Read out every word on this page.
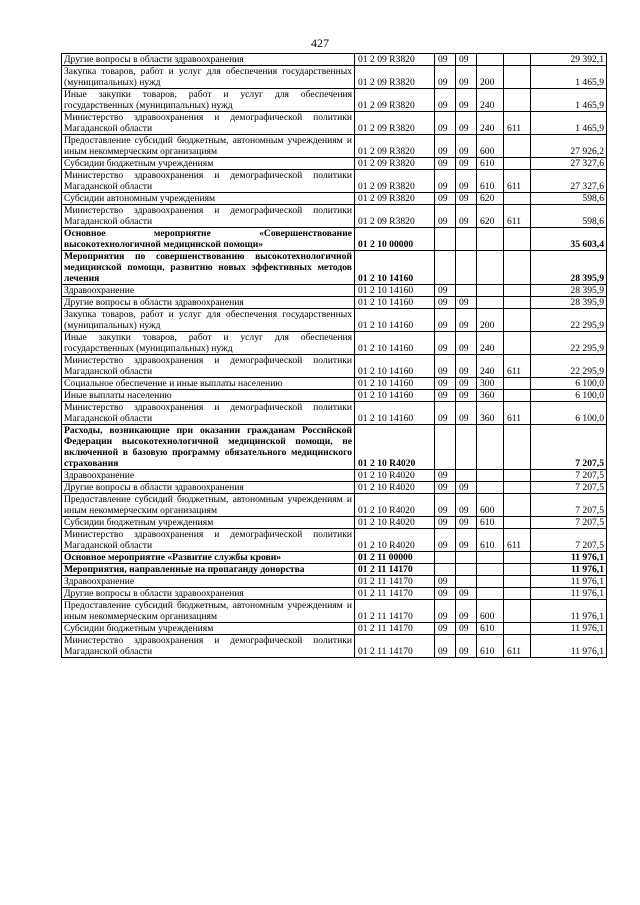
427
Другие вопросы в области здравоохранения	01 2 09 R3820	09	09			29 392,1
Закупка товаров, работ и услуг для обеспечения государственных (муниципальных) нужд	01 2 09 R3820	09	09	200		1 465,9
Иные закупки товаров, работ и услуг для обеспечения государственных (муниципальных) нужд	01 2 09 R3820	09	09	240		1 465,9
Министерство здравоохранения и демографической политики Магаданской области	01 2 09 R3820	09	09	240	611	1 465,9
Предоставление субсидий бюджетным, автономным учреждениям и иным некоммерческим организациям	01 2 09 R3820	09	09	600		27 926,2
Субсидии бюджетным учреждениям	01 2 09 R3820	09	09	610		27 327,6
Министерство здравоохранения и демографической политики Магаданской области	01 2 09 R3820	09	09	610	611	27 327,6
Субсидии автономным учреждениям	01 2 09 R3820	09	09	620		598,6
Министерство здравоохранения и демографической политики Магаданской области	01 2 09 R3820	09	09	620	611	598,6
Основное мероприятие «Совершенствование высокотехнологичной медицинской помощи»	01 2 10 00000					35 603,4
Мероприятия по совершенствованию высокотехнологичной медицинской помощи, развитию новых эффективных методов лечения	01 2 10 14160					28 395,9
Здравоохранение	01 2 10 14160	09				28 395,9
Другие вопросы в области здравоохранения	01 2 10 14160	09	09			28 395,9
Закупка товаров, работ и услуг для обеспечения государственных (муниципальных) нужд	01 2 10 14160	09	09	200		22 295,9
Иные закупки товаров, работ и услуг для обеспечения государственных (муниципальных) нужд	01 2 10 14160	09	09	240		22 295,9
Министерство здравоохранения и демографической политики Магаданской области	01 2 10 14160	09	09	240	611	22 295,9
Социальное обеспечение и иные выплаты населению	01 2 10 14160	09	09	300		6 100,0
Иные выплаты населению	01 2 10 14160	09	09	360		6 100,0
Министерство здравоохранения и демографической политики Магаданской области	01 2 10 14160	09	09	360	611	6 100,0
Расходы, возникающие при оказании гражданам Российской Федерации высокотехнологичной медицинской помощи, не включенной в базовую программу обязательного медицинского страхования	01 2 10 R4020					7 207,5
Здравоохранение	01 2 10 R4020	09				7 207,5
Другие вопросы в области здравоохранения	01 2 10 R4020	09	09			7 207,5
Предоставление субсидий бюджетным, автономным учреждениям и иным некоммерческим организациям	01 2 10 R4020	09	09	600		7 207,5
Субсидии бюджетным учреждениям	01 2 10 R4020	09	09	610		7 207,5
Министерство здравоохранения и демографической политики Магаданской области	01 2 10 R4020	09	09	610	611	7 207,5
Основное мероприятие «Развитие службы крови»	01 2 11 00000					11 976,1
Мероприятия, направленные на пропаганду донорства	01 2 11 14170					11 976,1
Здравоохранение	01 2 11 14170	09				11 976,1
Другие вопросы в области здравоохранения	01 2 11 14170	09	09			11 976,1
Предоставление субсидий бюджетным, автономным учреждениям и иным некоммерческим организациям	01 2 11 14170	09	09	600		11 976,1
Субсидии бюджетным учреждениям	01 2 11 14170	09	09	610		11 976,1
Министерство здравоохранения и демографической политики Магаданской области	01 2 11 14170	09	09	610	611	11 976,1
